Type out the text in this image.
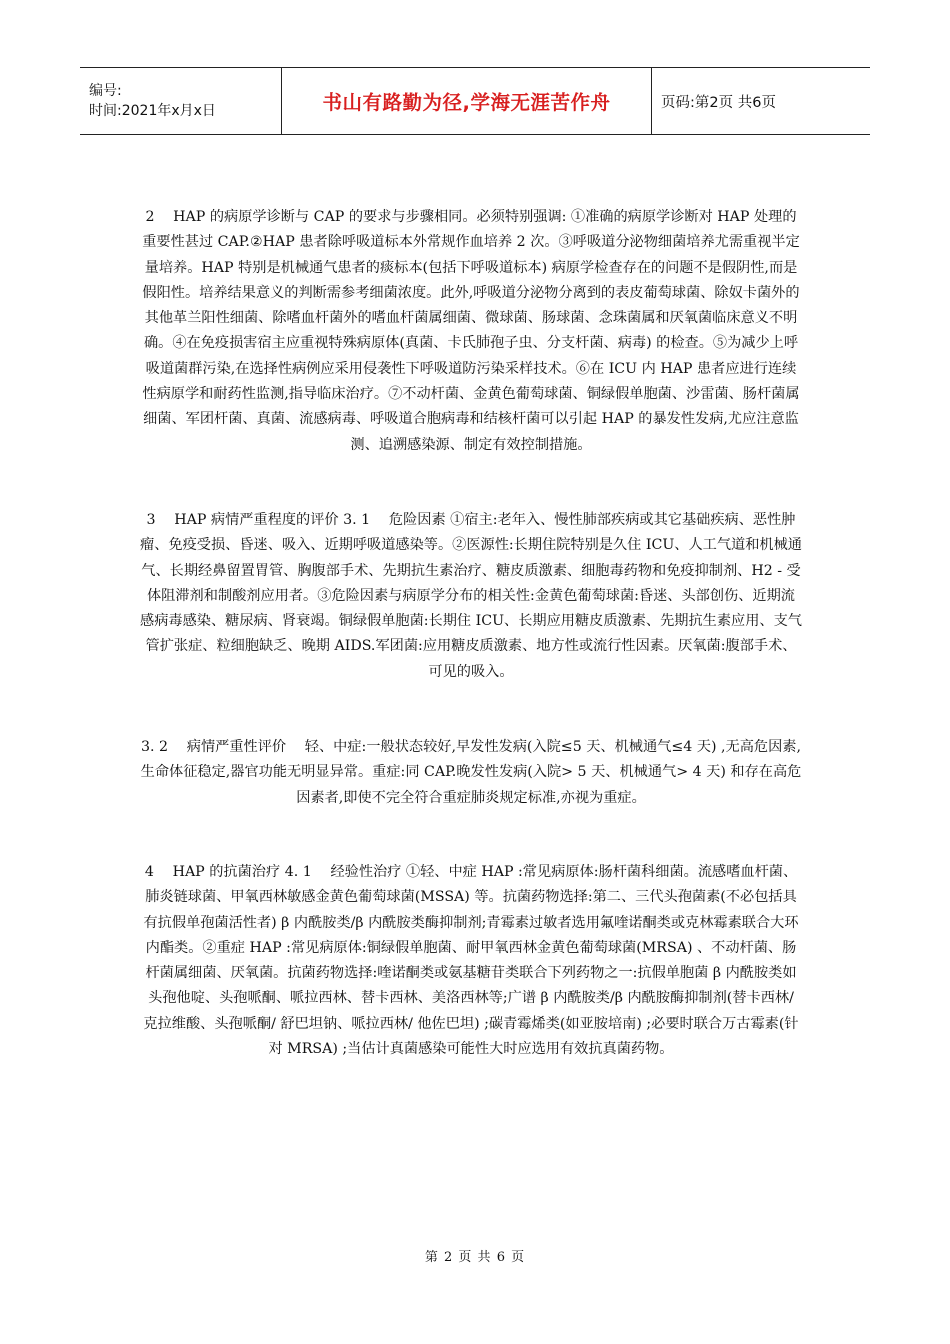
编号:
时间:2021年x月x日	书山有路勤为径,学海无涯苦作舟	页码:第2页 共6页

2　 HAP 的病原学诊断与 CAP 的要求与步骤相同。必须特别强调: ①准确的病原学诊断对 HAP 处理的重要性甚过 CAP.②HAP 患者除呼吸道标本外常规作血培养 2 次。③呼吸道分泌物细菌培养尤需重视半定量培养。HAP 特别是机械通气患者的痰标本(包括下呼吸道标本) 病原学检查存在的问题不是假阴性,而是假阳性。培养结果意义的判断需参考细菌浓度。此外,呼吸道分泌物分离到的表皮葡萄球菌、除奴卡菌外的其他革兰阳性细菌、除嗜血杆菌外的嗜血杆菌属细菌、微球菌、肠球菌、念珠菌属和厌氧菌临床意义不明确。④在免疫损害宿主应重视特殊病原体(真菌、卡氏肺孢子虫、分支杆菌、病毒) 的检查。⑤为减少上呼吸道菌群污染,在选择性病例应采用侵袭性下呼吸道防污染采样技术。⑥在 ICU 内 HAP 患者应进行连续性病原学和耐药性监测,指导临床治疗。⑦不动杆菌、金黄色葡萄球菌、铜绿假单胞菌、沙雷菌、肠杆菌属细菌、军团杆菌、真菌、流感病毒、呼吸道合胞病毒和结核杆菌可以引起 HAP 的暴发性发病,尤应注意监测、追溯感染源、制定有效控制措施。

3　 HAP 病情严重程度的评价 3. 1　 危险因素 ①宿主:老年入、慢性肺部疾病或其它基础疾病、恶性肿瘤、免疫受损、昏迷、吸入、近期呼吸道感染等。②医源性:长期住院特别是久住 ICU、人工气道和机械通气、长期经鼻留置胃管、胸腹部手术、先期抗生素治疗、糖皮质激素、细胞毒药物和免疫抑制剂、H2 - 受体阻滞剂和制酸剂应用者。③危险因素与病原学分布的相关性:金黄色葡萄球菌:昏迷、头部创伤、近期流感病毒感染、糖尿病、肾衰竭。铜绿假单胞菌:长期住 ICU、长期应用糖皮质激素、先期抗生素应用、支气管扩张症、粒细胞缺乏、晚期 AIDS.军团菌:应用糖皮质激素、地方性或流行性因素。厌氧菌:腹部手术、可见的吸入。

3. 2　 病情严重性评价 　轻、中症:一般状态较好,早发性发病(入院≤5 天、机械通气≤4 天) ,无高危因素,生命体征稳定,器官功能无明显异常。重症:同 CAP.晚发性发病(入院> 5 天、机械通气> 4 天) 和存在高危因素者,即使不完全符合重症肺炎规定标准,亦视为重症。

4　 HAP 的抗菌治疗 4. 1　 经验性治疗 ①轻、中症 HAP :常见病原体:肠杆菌科细菌。流感嗜血杆菌、肺炎链球菌、甲氧西林敏感金黄色葡萄球菌(MSSA) 等。抗菌药物选择:第二、三代头孢菌素(不必包括具有抗假单孢菌活性者) β 内酰胺类/β 内酰胺类酶抑制剂;青霉素过敏者选用氟喹诺酮类或克林霉素联合大环内酯类。②重症 HAP :常见病原体:铜绿假单胞菌、耐甲氧西林金黄色葡萄球菌(MRSA) 、不动杆菌、肠杆菌属细菌、厌氧菌。抗菌药物选择:喹诺酮类或氨基糖苷类联合下列药物之一:抗假单胞菌 β 内酰胺类如头孢他啶、头孢哌酮、哌拉西林、替卡西林、美洛西林等;广谱 β 内酰胺类/β 内酰胺酶抑制剂(替卡西林/ 克拉维酸、头孢哌酮/ 舒巴坦钠、哌拉西林/ 他佐巴坦) ;碳青霉烯类(如亚胺培南) ;必要时联合万古霉素(针对 MRSA) ;当估计真菌感染可能性大时应选用有效抗真菌药物。

第 2 页 共 6 页
